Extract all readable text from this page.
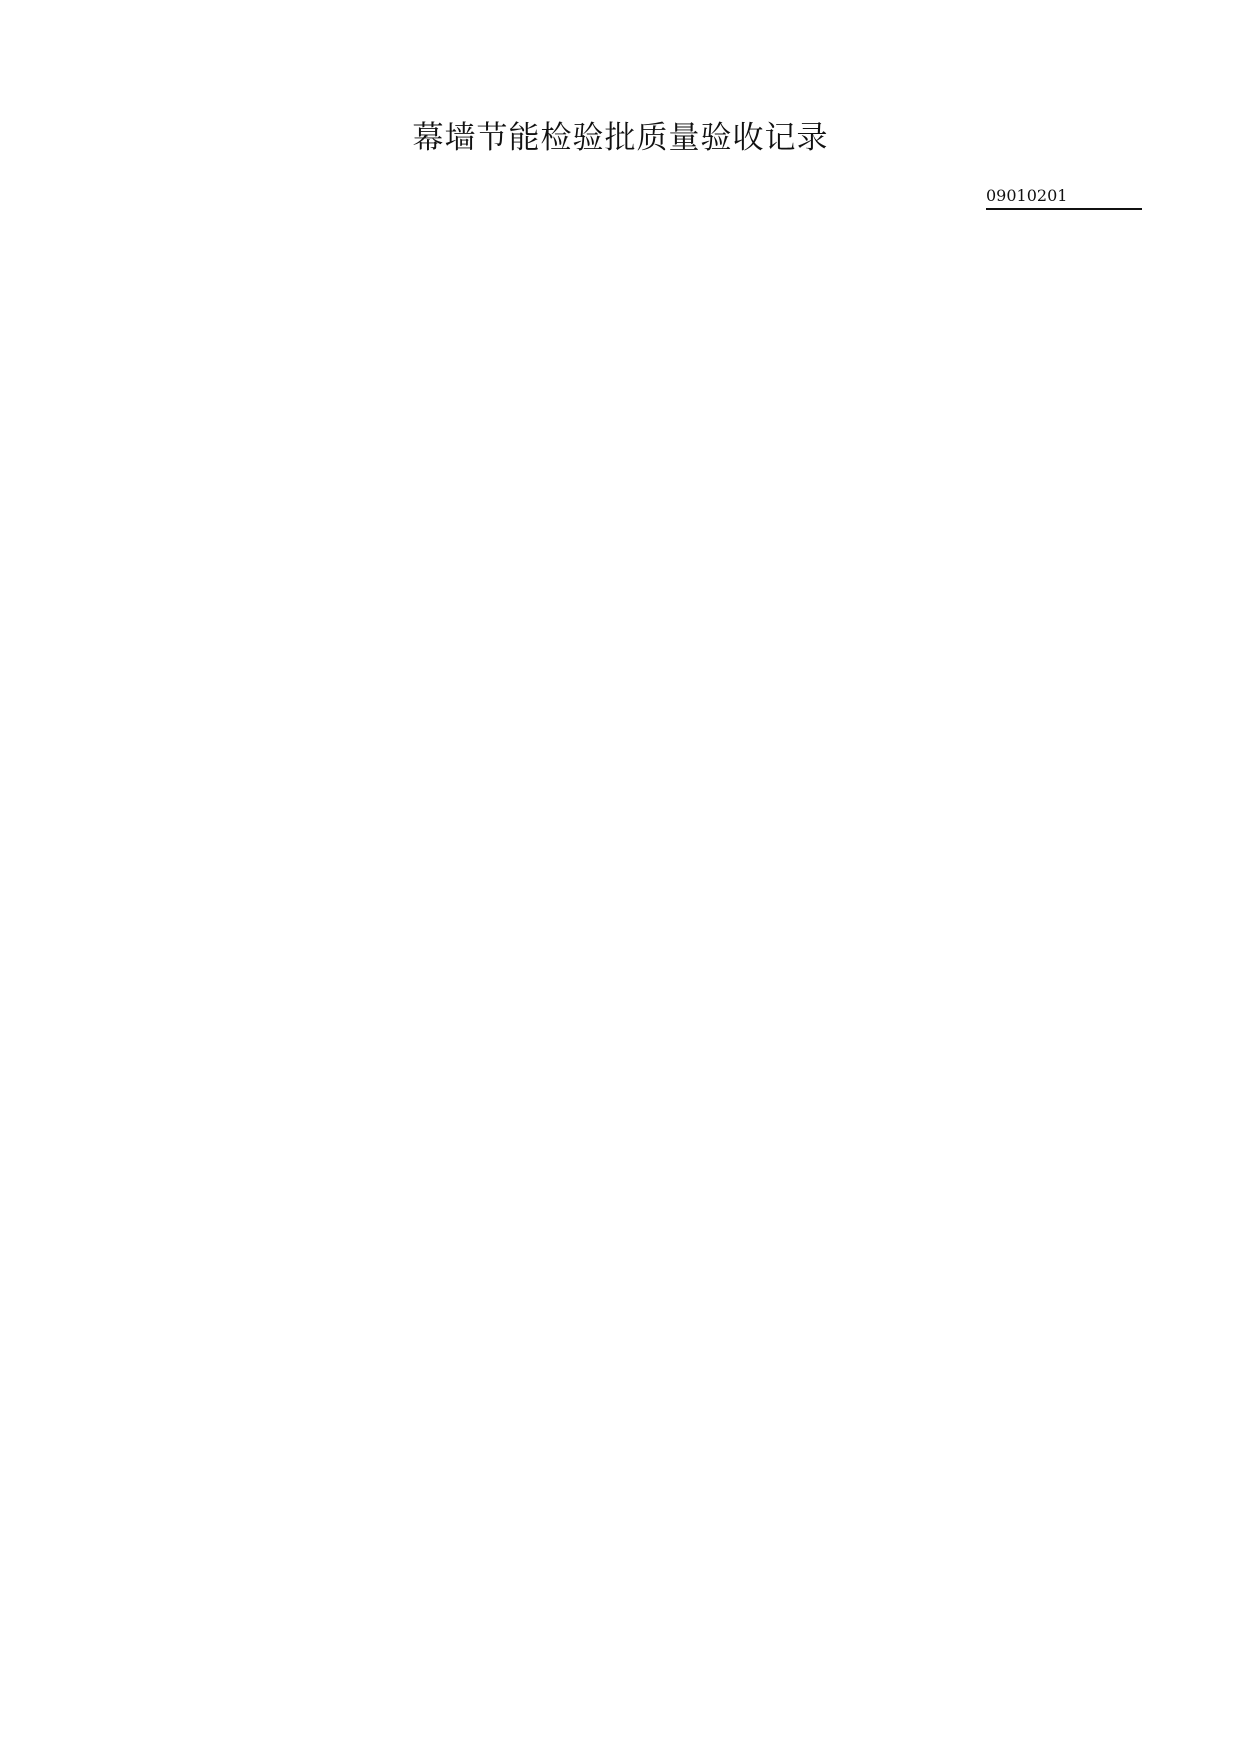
幕墙节能检验批质量验收记录
09010201
